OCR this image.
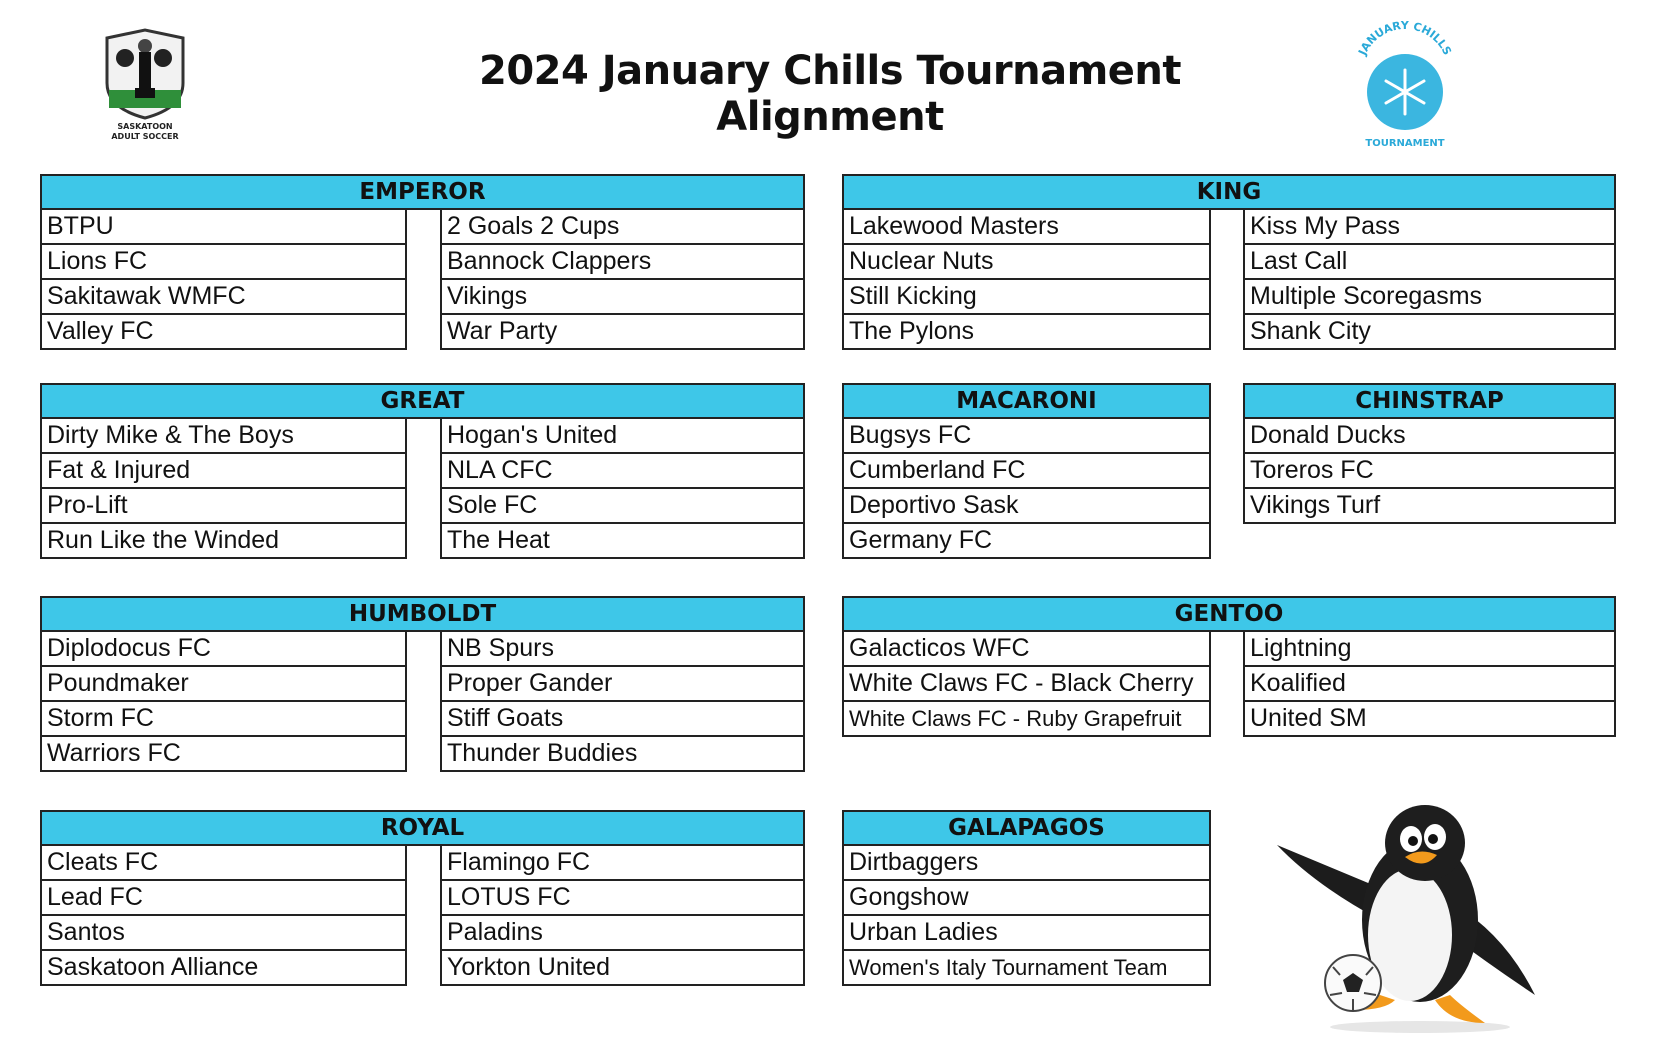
2024 January Chills Tournament Alignment
SASKATOON
ADULT SOCCER
JANUARY CHILLS
TOURNAMENT
EMPEROR
BTPU
Lions FC
Sakitawak WMFC
Valley FC
2 Goals 2 Cups
Bannock Clappers
Vikings
War Party
KING
Lakewood Masters
Nuclear Nuts
Still Kicking
The Pylons
Kiss My Pass
Last Call
Multiple Scoregasms
Shank City
GREAT
Dirty Mike & The Boys
Fat & Injured
Pro-Lift
Run Like the Winded
Hogan's United
NLA CFC
Sole FC
The Heat
MACARONI
Bugsys FC
Cumberland FC
Deportivo Sask
Germany FC
CHINSTRAP
Donald Ducks
Toreros FC
Vikings Turf
HUMBOLDT
Diplodocus FC
Poundmaker
Storm FC
Warriors FC
NB Spurs
Proper Gander
Stiff Goats
Thunder Buddies
GENTOO
Galacticos WFC
White Claws FC - Black Cherry
White Claws FC - Ruby Grapefruit
Lightning
Koalified
United SM
ROYAL
Cleats FC
Lead FC
Santos
Saskatoon Alliance
Flamingo FC
LOTUS FC
Paladins
Yorkton United
GALAPAGOS
Dirtbaggers
Gongshow
Urban Ladies
Women's Italy Tournament Team
